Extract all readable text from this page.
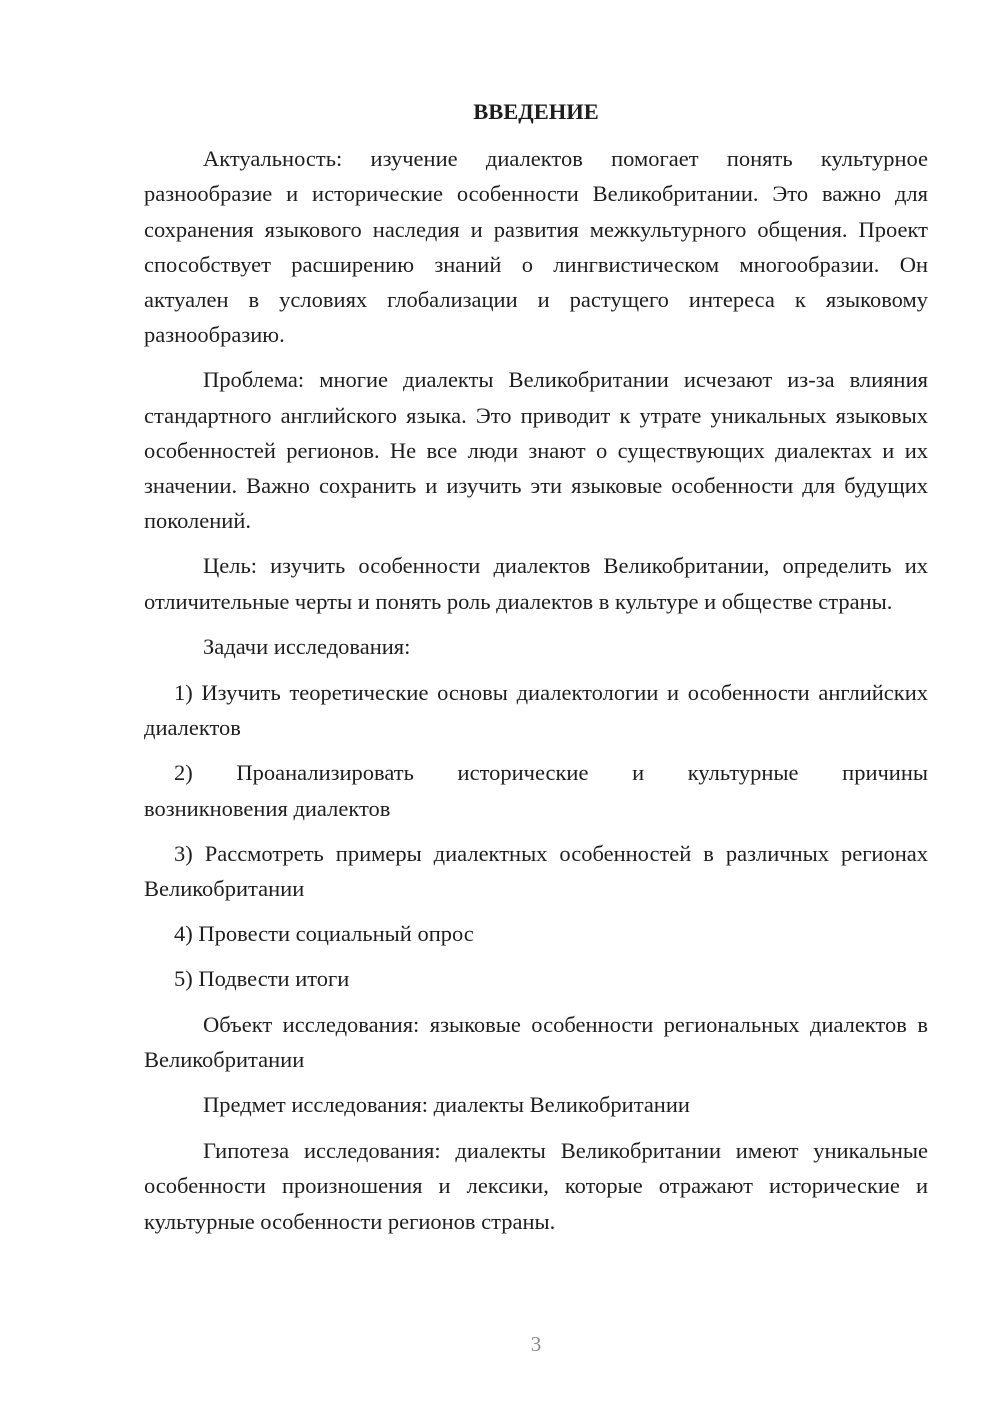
ВВЕДЕНИЕ

Актуальность: изучение диалектов помогает понять культурное разнообразие и исторические особенности Великобритании. Это важно для сохранения языкового наследия и развития межкультурного общения. Проект способствует расширению знаний о лингвистическом многообразии. Он актуален в условиях глобализации и растущего интереса к языковому разнообразию.

Проблема: многие диалекты Великобритании исчезают из-за влияния стандартного английского языка. Это приводит к утрате уникальных языковых особенностей регионов. Не все люди знают о существующих диалектах и их значении. Важно сохранить и изучить эти языковые особенности для будущих поколений.

Цель: изучить особенности диалектов Великобритании, определить их отличительные черты и понять роль диалектов в культуре и обществе страны.

Задачи исследования:

1) Изучить теоретические основы диалектологии и особенности английских диалектов

2) Проанализировать исторические и культурные причины
возникновения диалектов

3) Рассмотреть примеры диалектных особенностей в различных регионах Великобритании

4) Провести социальный опрос

5) Подвести итоги

Объект исследования: языковые особенности региональных диалектов в Великобритании

Предмет исследования: диалекты Великобритании

Гипотеза исследования: диалекты Великобритании имеют уникальные особенности произношения и лексики, которые отражают исторические и культурные особенности регионов страны.

3
